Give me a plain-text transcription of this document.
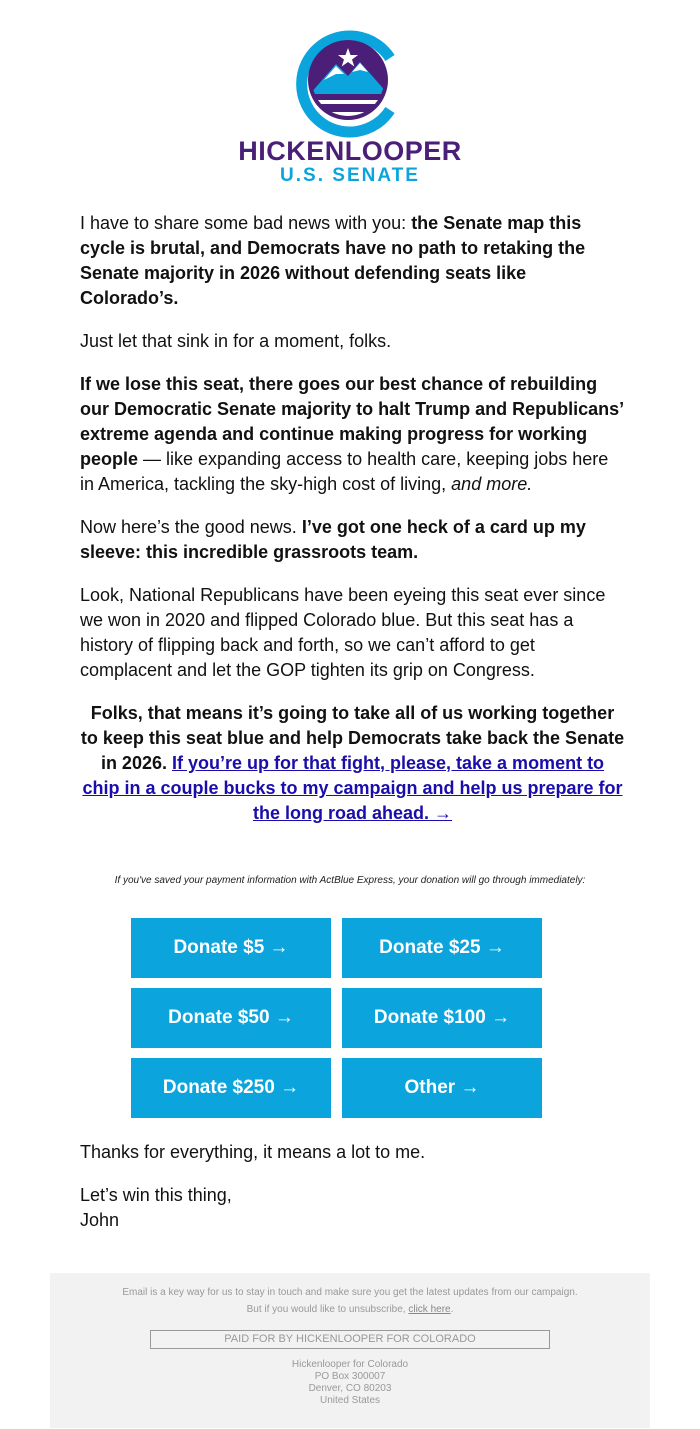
HICKENLOOPER
U.S. SENATE

I have to share some bad news with you: the Senate map this cycle is brutal, and Democrats have no path to retaking the Senate majority in 2026 without defending seats like Colorado’s.

Just let that sink in for a moment, folks.

If we lose this seat, there goes our best chance of rebuilding our Democratic Senate majority to halt Trump and Republicans’ extreme agenda and continue making progress for working people — like expanding access to health care, keeping jobs here in America, tackling the sky-high cost of living, and more.

Now here’s the good news. I’ve got one heck of a card up my sleeve: this incredible grassroots team.

Look, National Republicans have been eyeing this seat ever since we won in 2020 and flipped Colorado blue. But this seat has a history of flipping back and forth, so we can’t afford to get complacent and let the GOP tighten its grip on Congress.

Folks, that means it’s going to take all of us working together to keep this seat blue and help Democrats take back the Senate in 2026. If you’re up for that fight, please, take a moment to chip in a couple bucks to my campaign and help us prepare for the long road ahead. →

If you've saved your payment information with ActBlue Express, your donation will go through immediately:
Donate $5 →	Donate $25 →
Donate $50 →	Donate $100 →
Donate $250 →	Other →

Thanks for everything, it means a lot to me.

Let’s win this thing,
John

Email is a key way for us to stay in touch and make sure you get the latest updates from our campaign.
But if you would like to unsubscribe, click here.
PAID FOR BY HICKENLOOPER FOR COLORADO
Hickenlooper for Colorado
PO Box 300007
Denver, CO 80203
United States
